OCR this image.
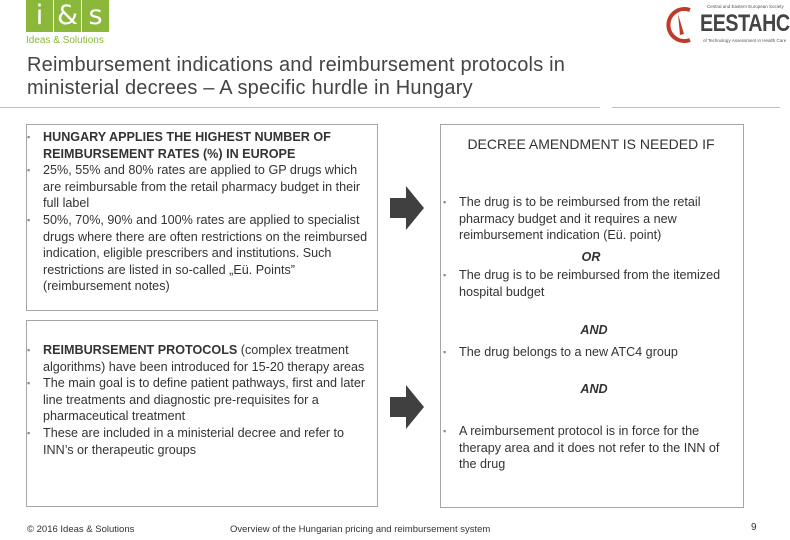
i & s
Ideas & Solutions
Central and Eastern European Society
EESTAHC
of Technology Assessment in Health Care
Reimbursement indications and reimbursement protocols in
ministerial decrees – A specific hurdle in Hungary
▪ HUNGARY APPLIES THE HIGHEST NUMBER OF REIMBURSEMENT RATES (%) IN EUROPE
▪ 25%, 55% and 80% rates are applied to GP drugs which are reimbursable from the retail pharmacy budget in their full label
▪ 50%, 70%, 90% and 100% rates are applied to specialist drugs where there are often restrictions on the reimbursed indication, eligible prescribers and institutions. Such restrictions are listed in so-called „Eü. Points” (reimbursement notes)
▪ REIMBURSEMENT PROTOCOLS (complex treatment algorithms) have been introduced for 15-20 therapy areas
▪ The main goal is to define patient pathways, first and later line treatments and diagnostic pre-requisites for a pharmaceutical treatment
▪ These are included in a ministerial decree and refer to INN’s or therapeutic groups
DECREE AMENDMENT IS NEEDED IF
▪ The drug is to be reimbursed from the retail pharmacy budget and it requires a new reimbursement indication (Eü. point)
OR
▪ The drug is to be reimbursed from the itemized hospital budget
AND
▪ The drug belongs to a new ATC4 group
AND
▪ A reimbursement protocol is in force for the therapy area and it does not refer to the INN of the drug
© 2016 Ideas & Solutions	Overview of the Hungarian pricing and reimbursement system	9
